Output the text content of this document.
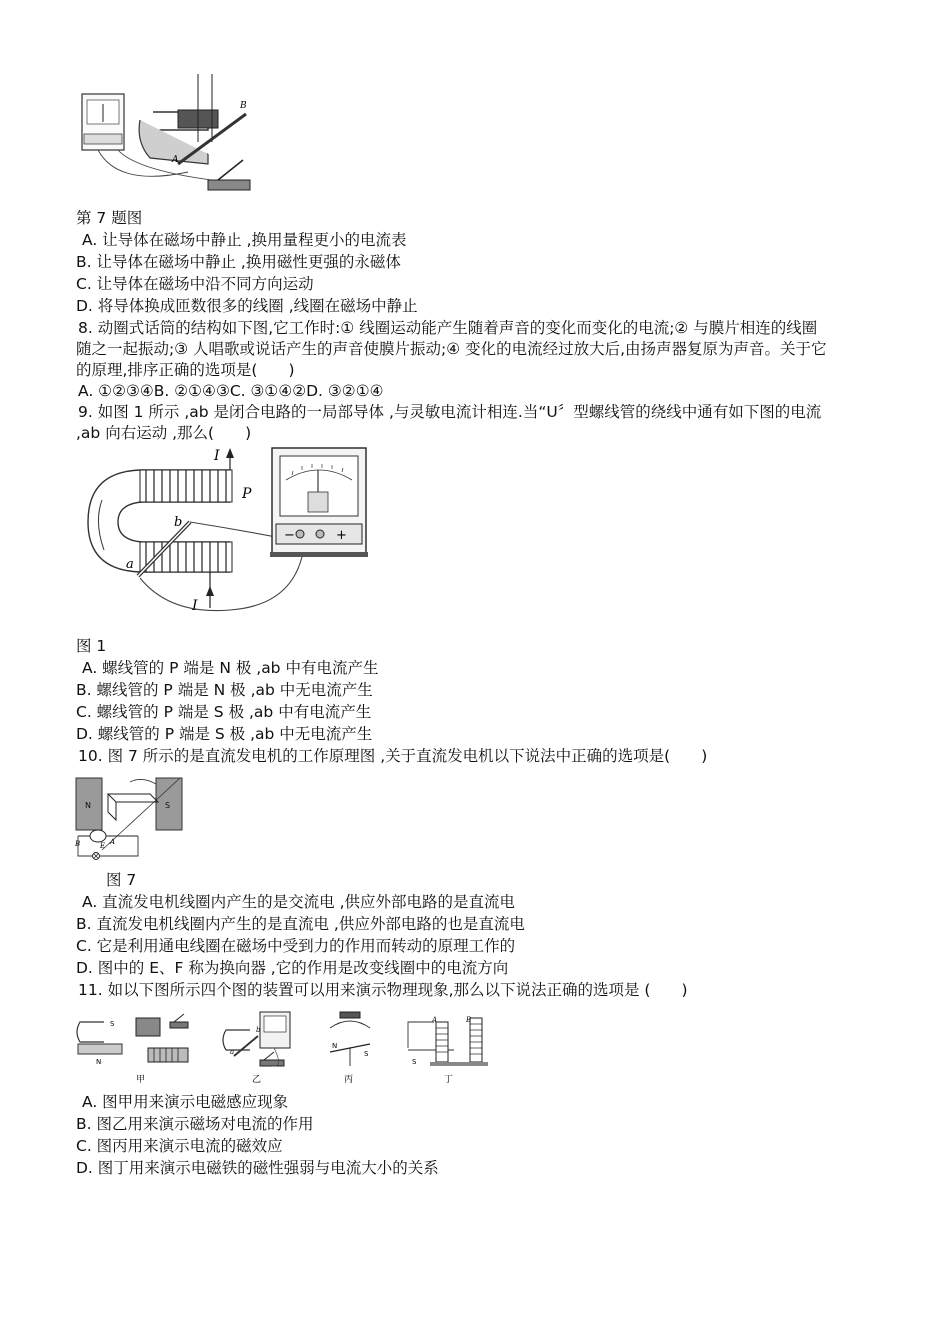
A
B
第 7 题图
A. 让导体在磁场中静止 ,换用量程更小的电流表
B. 让导体在磁场中静止 ,换用磁性更强的永磁体
C. 让导体在磁场中沿不同方向运动
D. 将导体换成匝数很多的线圈 ,线圈在磁场中静止
8. 动圈式话筒的结构如下图,它工作时:① 线圈运动能产生随着声音的变化而变化的电流;② 与膜片相连的线圈
随之一起振动;③ 人唱歌或说话产生的声音使膜片振动;④ 变化的电流经过放大后,由扬声器复原为声音。关于它
的原理,排序正确的选项是(　　)
A. ①②③④B. ②①④③C. ③①④②D. ③②①④
9. 如图 1 所示 ,ab 是闭合电路的一局部导体 ,与灵敏电流计相连.当“U〞型螺线管的绕线中通有如下图的电流
,ab 向右运动 ,那么(　　)
I
P
I
a
b
−	+
图 1
A. 螺线管的 P 端是 N 极 ,ab 中有电流产生
B. 螺线管的 P 端是 N 极 ,ab 中无电流产生
C. 螺线管的 P 端是 S 极 ,ab 中有电流产生
D. 螺线管的 P 端是 S 极 ,ab 中无电流产生
10. 图 7 所示的是直流发电机的工作原理图 ,关于直流发电机以下说法中正确的选项是(　　)
N	S
B	E A
图 7
A. 直流发电机线圈内产生的是交流电 ,供应外部电路的是直流电
B. 直流发电机线圈内产生的是直流电 ,供应外部电路的也是直流电
C. 它是利用通电线圈在磁场中受到力的作用而转动的原理工作的
D. 图中的 E、F 称为换向器 ,它的作用是改变线圈中的电流方向
11. 如以下图所示四个图的装置可以用来演示物理现象,那么以下说法正确的选项是 (　　)
S
N
甲
a
b
乙
N
S
丙
A	B
S
丁
A. 图甲用来演示电磁感应现象
B. 图乙用来演示磁场对电流的作用
C. 图丙用来演示电流的磁效应
D. 图丁用来演示电磁铁的磁性强弱与电流大小的关系
